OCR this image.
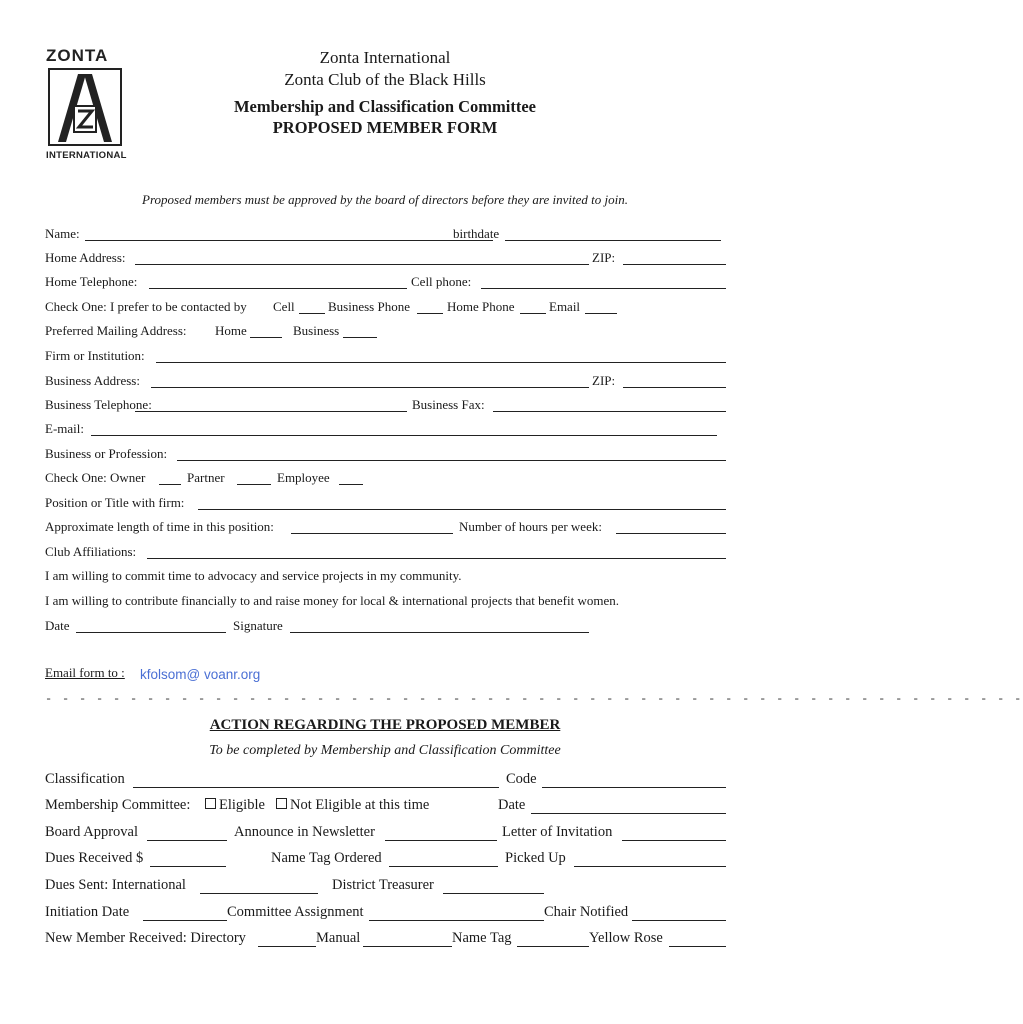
ZONTA
INTERNATIONAL
Zonta International
Zonta Club of the Black Hills
Membership and Classification Committee
PROPOSED MEMBER FORM
Proposed members must be approved by the board of directors before they are invited to join.
Name:	birthdate
Home Address:	ZIP:
Home Telephone:	Cell phone:
Check One: I prefer to be contacted by Cell	Business Phone	Home Phone	Email
Preferred Mailing Address: Home	Business
Firm or Institution:
Business Address:	ZIP:
Business Telephone:	Business Fax:
E-mail:
Business or Profession:
Check One: Owner	Partner	Employee
Position or Title with firm:
Approximate length of time in this position:	Number of hours per week:
Club Affiliations:
I am willing to commit time to advocacy and service projects in my community.
I am willing to contribute financially to and raise money for local & international projects that benefit women.
Date	Signature
Email form to : kfolsom@ voanr.org
- - - - - - - - - - - - - - - - - - - - - - - - - - - - - - - - - - - - - - - - - - - - - - - - - - - - - - - - - -
ACTION REGARDING THE PROPOSED MEMBER
To be completed by Membership and Classification Committee
Classification	Code
Membership Committee:	Eligible	Not Eligible at this time	Date
Board Approval	Announce in Newsletter	Letter of Invitation
Dues Received $	Name Tag Ordered	Picked Up
Dues Sent: International	District Treasurer
Initiation Date	Committee Assignment	Chair Notified
New Member Received: Directory	Manual	Name Tag	Yellow Rose
